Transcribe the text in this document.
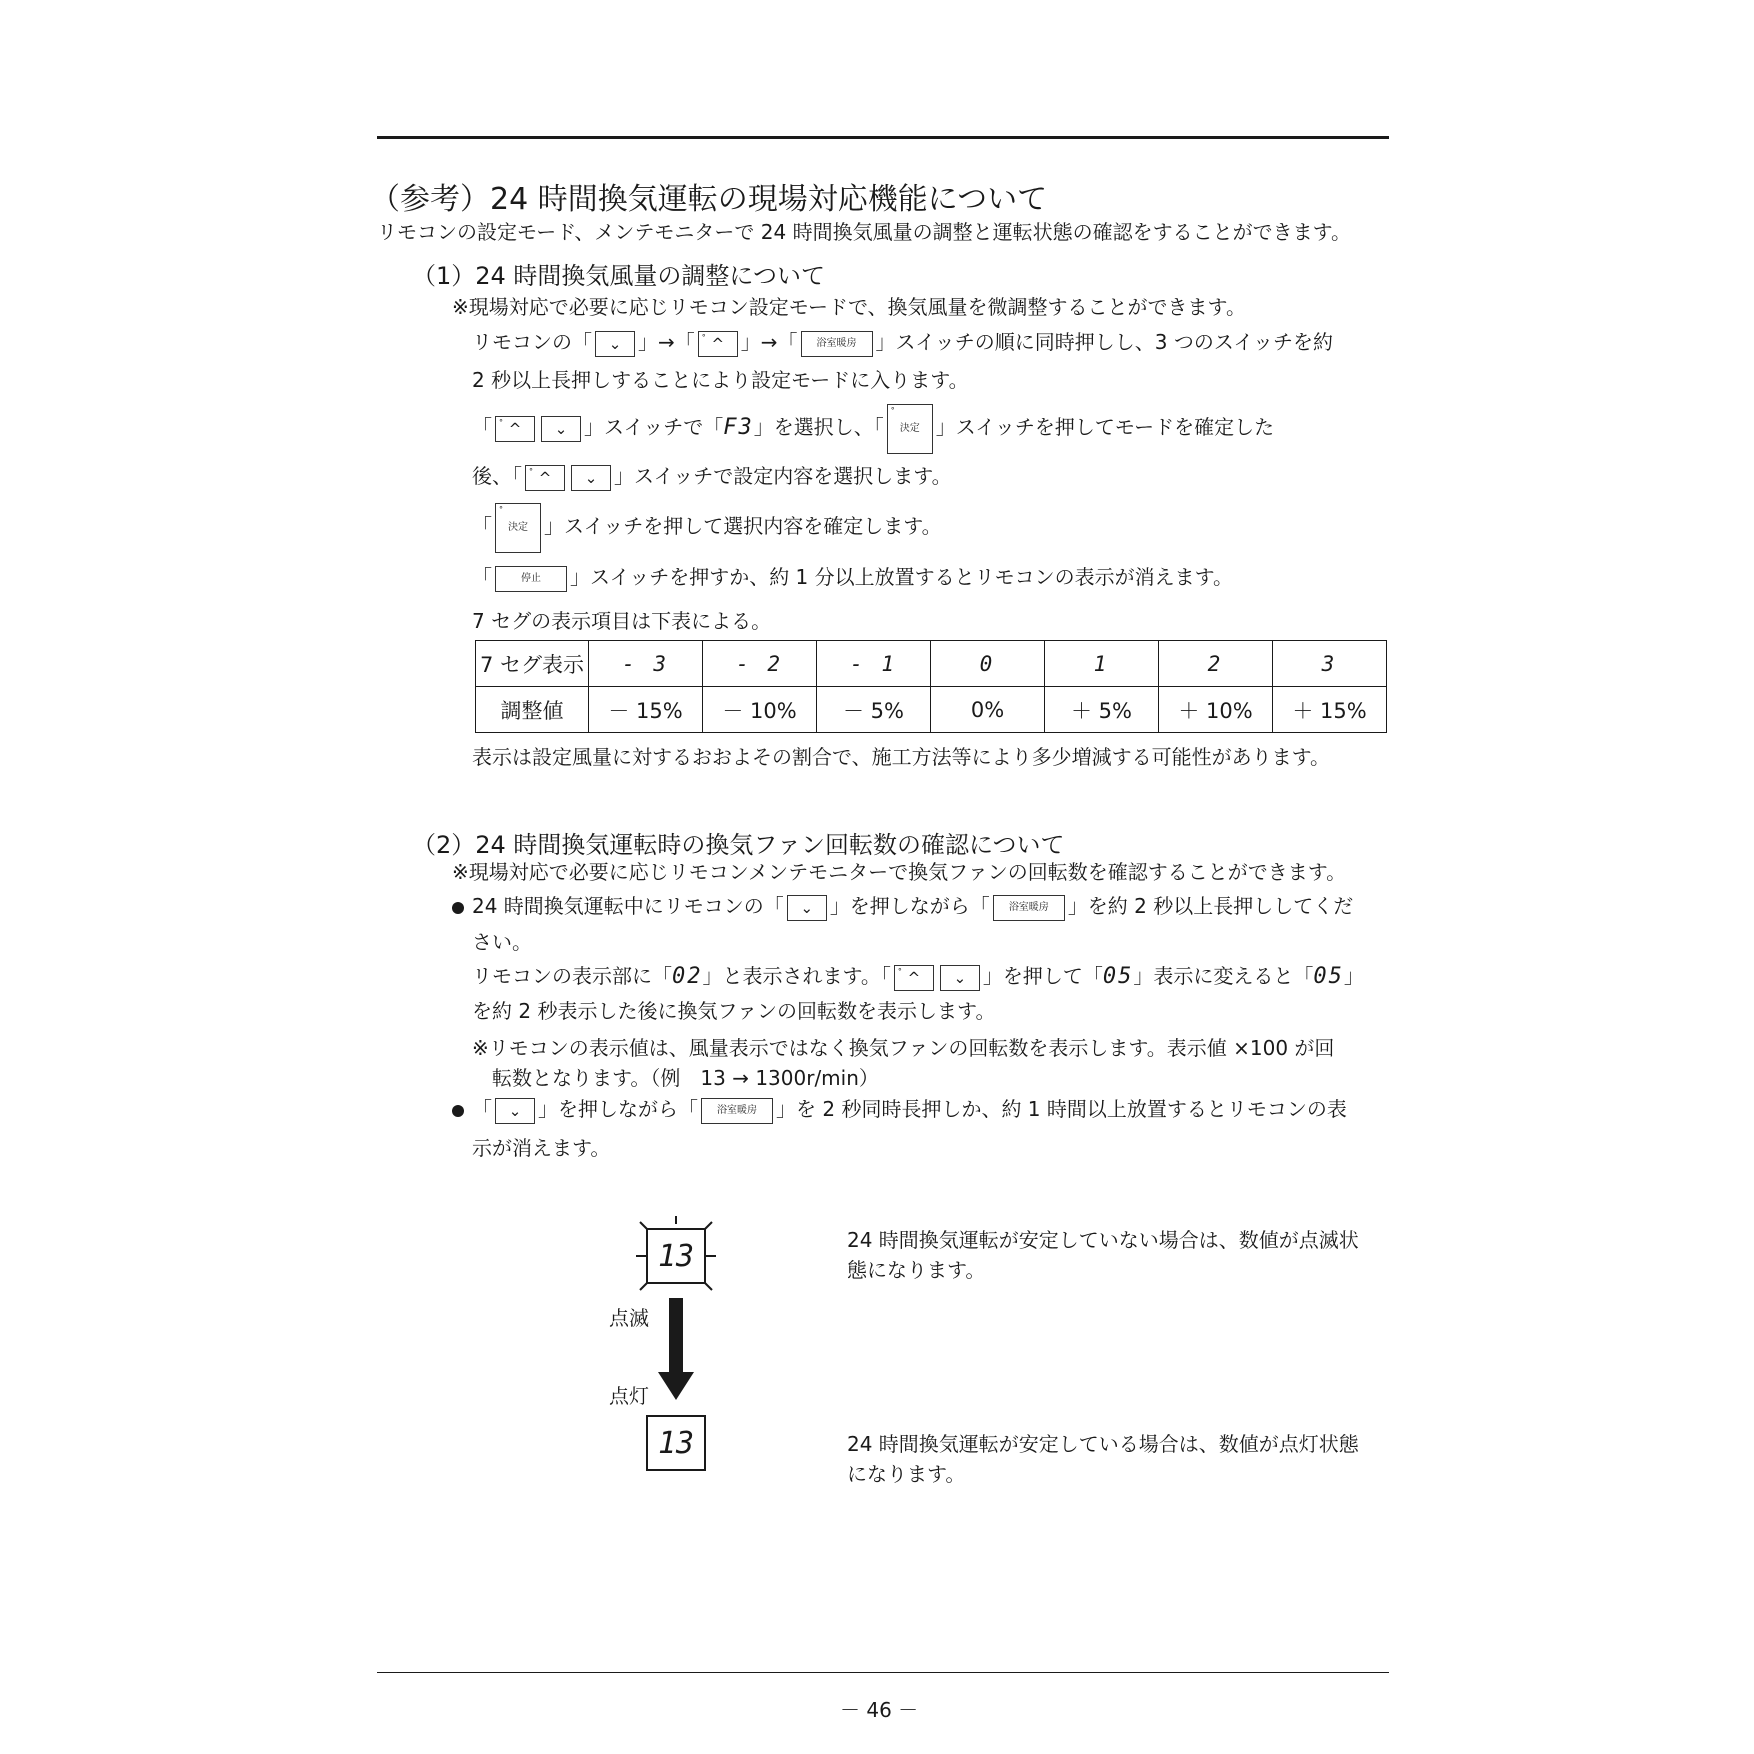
（参考）24 時間換気運転の現場対応機能について
リモコンの設定モード、メンテモニターで 24 時間換気風量の調整と運転状態の確認をすることができます。
（1）24 時間換気風量の調整について
※現場対応で必要に応じリモコン設定モードで、換気風量を微調整することができます。
リモコンの「 ⌄ 」→「 ° ^ 」→「 浴室暖房 」スイッチの順に同時押しし、3 つのスイッチを約
2 秒以上長押しすることにより設定モードに入ります。
「 ° ^ ⌄ 」スイッチで「F3」を選択し、「
°
決定 」スイッチを押してモードを確定した
後、「 ° ^ ⌄ 」スイッチで設定内容を選択します。
「
°
決定 」スイッチを押して選択内容を確定します。
「	停止 」スイッチを押すか、約 1 分以上放置するとリモコンの表示が消えます。
7 セグの表示項目は下表による。
7 セグ表示	- 3	- 2	- 1	0	1	2	3
調整値	－ 15%	－ 10%	－ 5%	0%	＋ 5%	＋ 10%	＋ 15%
表示は設定風量に対するおおよその割合で、施工方法等により多少増減する可能性があります。
（2）24 時間換気運転時の換気ファン回転数の確認について
※現場対応で必要に応じリモコンメンテモニターで換気ファンの回転数を確認することができます。
24 時間換気運転中にリモコンの「 ⌄ 」を押しながら「 浴室暖房 」を約 2 秒以上長押ししてくだ
さい。
リモコンの表示部に「02」と表示されます。「 ° ^ ⌄ 」を押して「05」表示に変えると「05」
を約 2 秒表示した後に換気ファンの回転数を表示します。
※リモコンの表示値は、風量表示ではなく換気ファンの回転数を表示します。表示値 ×100 が回
転数となります。（例　13 → 1300r/min）
「 ⌄ 」を押しながら「 浴室暖房 」を 2 秒同時長押しか、約 1 時間以上放置するとリモコンの表
示が消えます。
13
点滅
点灯
13
24 時間換気運転が安定していない場合は、数値が点滅状
態になります。
24 時間換気運転が安定している場合は、数値が点灯状態
になります。
－ 46 －
